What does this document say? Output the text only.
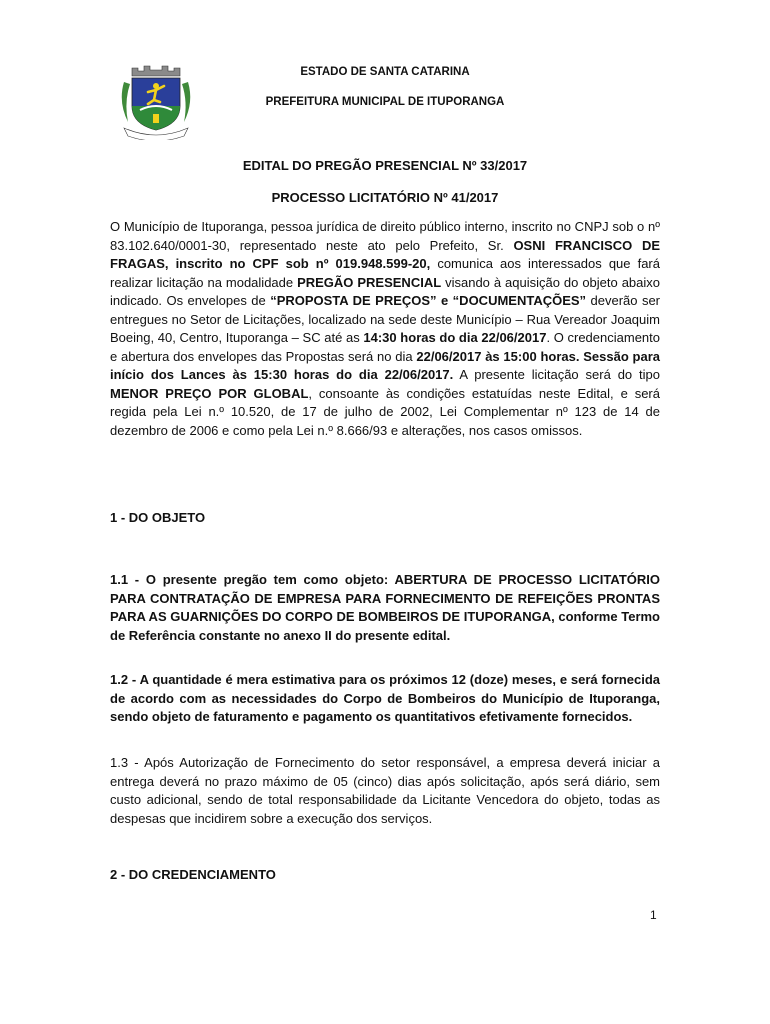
ESTADO DE SANTA CATARINA
PREFEITURA MUNICIPAL DE ITUPORANGA
EDITAL DO PREGÃO PRESENCIAL Nº 33/2017
PROCESSO LICITATÓRIO Nº 41/2017

O Município de Ituporanga, pessoa jurídica de direito público interno, inscrito no CNPJ sob o nº 83.102.640/0001-30, representado neste ato pelo Prefeito, Sr. OSNI FRANCISCO DE FRAGAS, inscrito no CPF sob nº 019.948.599-20, comunica aos interessados que fará realizar licitação na modalidade PREGÃO PRESENCIAL visando à aquisição do objeto abaixo indicado. Os envelopes de “PROPOSTA DE PREÇOS” e “DOCUMENTAÇÕES” deverão ser entregues no Setor de Licitações, localizado na sede deste Município – Rua Vereador Joaquim Boeing, 40, Centro, Ituporanga – SC até as 14:30 horas do dia 22/06/2017. O credenciamento e abertura dos envelopes das Propostas será no dia 22/06/2017 às 15:00 horas. Sessão para início dos Lances às 15:30 horas do dia 22/06/2017. A presente licitação será do tipo MENOR PREÇO POR GLOBAL, consoante às condições estatuídas neste Edital, e será regida pela Lei n.º 10.520, de 17 de julho de 2002, Lei Complementar nº 123 de 14 de dezembro de 2006 e como pela Lei n.º 8.666/93 e alterações, nos casos omissos.

1 - DO OBJETO

1.1 - O presente pregão tem como objeto: ABERTURA DE PROCESSO LICITATÓRIO PARA CONTRATAÇÃO DE EMPRESA PARA FORNECIMENTO DE REFEIÇÕES PRONTAS PARA AS GUARNIÇÕES DO CORPO DE BOMBEIROS DE ITUPORANGA, conforme Termo de Referência constante no anexo II do presente edital.

1.2 - A quantidade é mera estimativa para os próximos 12 (doze) meses, e será fornecida de acordo com as necessidades do Corpo de Bombeiros do Município de Ituporanga, sendo objeto de faturamento e pagamento os quantitativos efetivamente fornecidos.

1.3 - Após Autorização de Fornecimento do setor responsável, a empresa deverá iniciar a entrega deverá no prazo máximo de 05 (cinco) dias após solicitação, após será diário, sem custo adicional, sendo de total responsabilidade da Licitante Vencedora do objeto, todas as despesas que incidirem sobre a execução dos serviços.

2 - DO CREDENCIAMENTO
1
